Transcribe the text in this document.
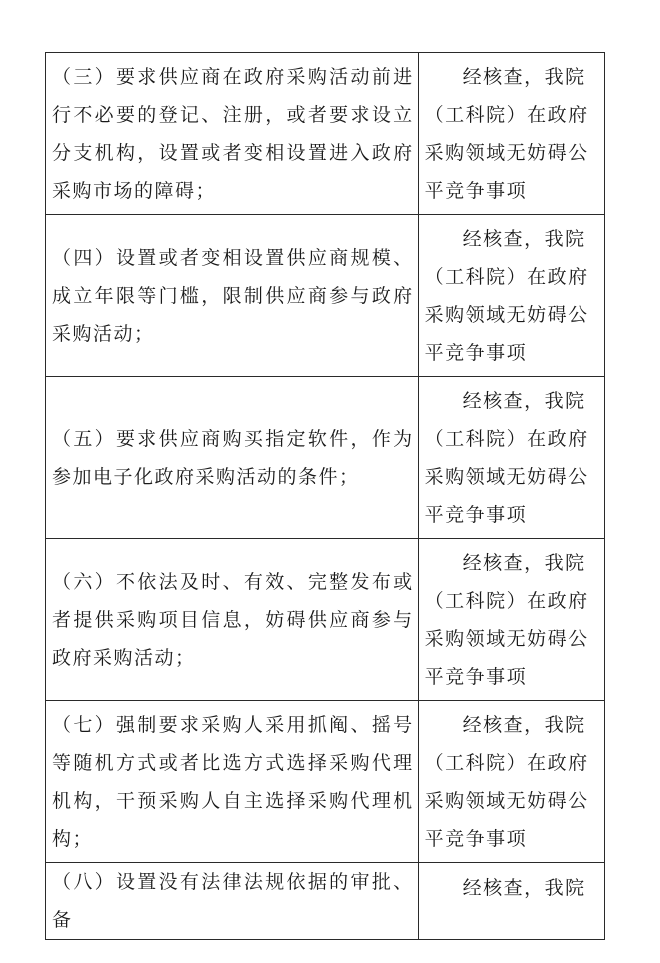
（三）要求供应商在政府采购活动前进行不必要的登记、注册，或者要求设立分支机构，设置或者变相设置进入政府采购市场的障碍；	经核查，我院（工科院）在政府采购领域无妨碍公平竞争事项

（四）设置或者变相设置供应商规模、成立年限等门槛，限制供应商参与政府采购活动；	经核查，我院（工科院）在政府采购领域无妨碍公平竞争事项

（五）要求供应商购买指定软件，作为参加电子化政府采购活动的条件；	经核查，我院（工科院）在政府采购领域无妨碍公平竞争事项

（六）不依法及时、有效、完整发布或者提供采购项目信息，妨碍供应商参与政府采购活动；	经核查，我院（工科院）在政府采购领域无妨碍公平竞争事项

（七）强制要求采购人采用抓阄、摇号等随机方式或者比选方式选择采购代理机构，干预采购人自主选择采购代理机构；	经核查，我院（工科院）在政府采购领域无妨碍公平竞争事项

（八）设置没有法律法规依据的审批、备	经核查，我院
